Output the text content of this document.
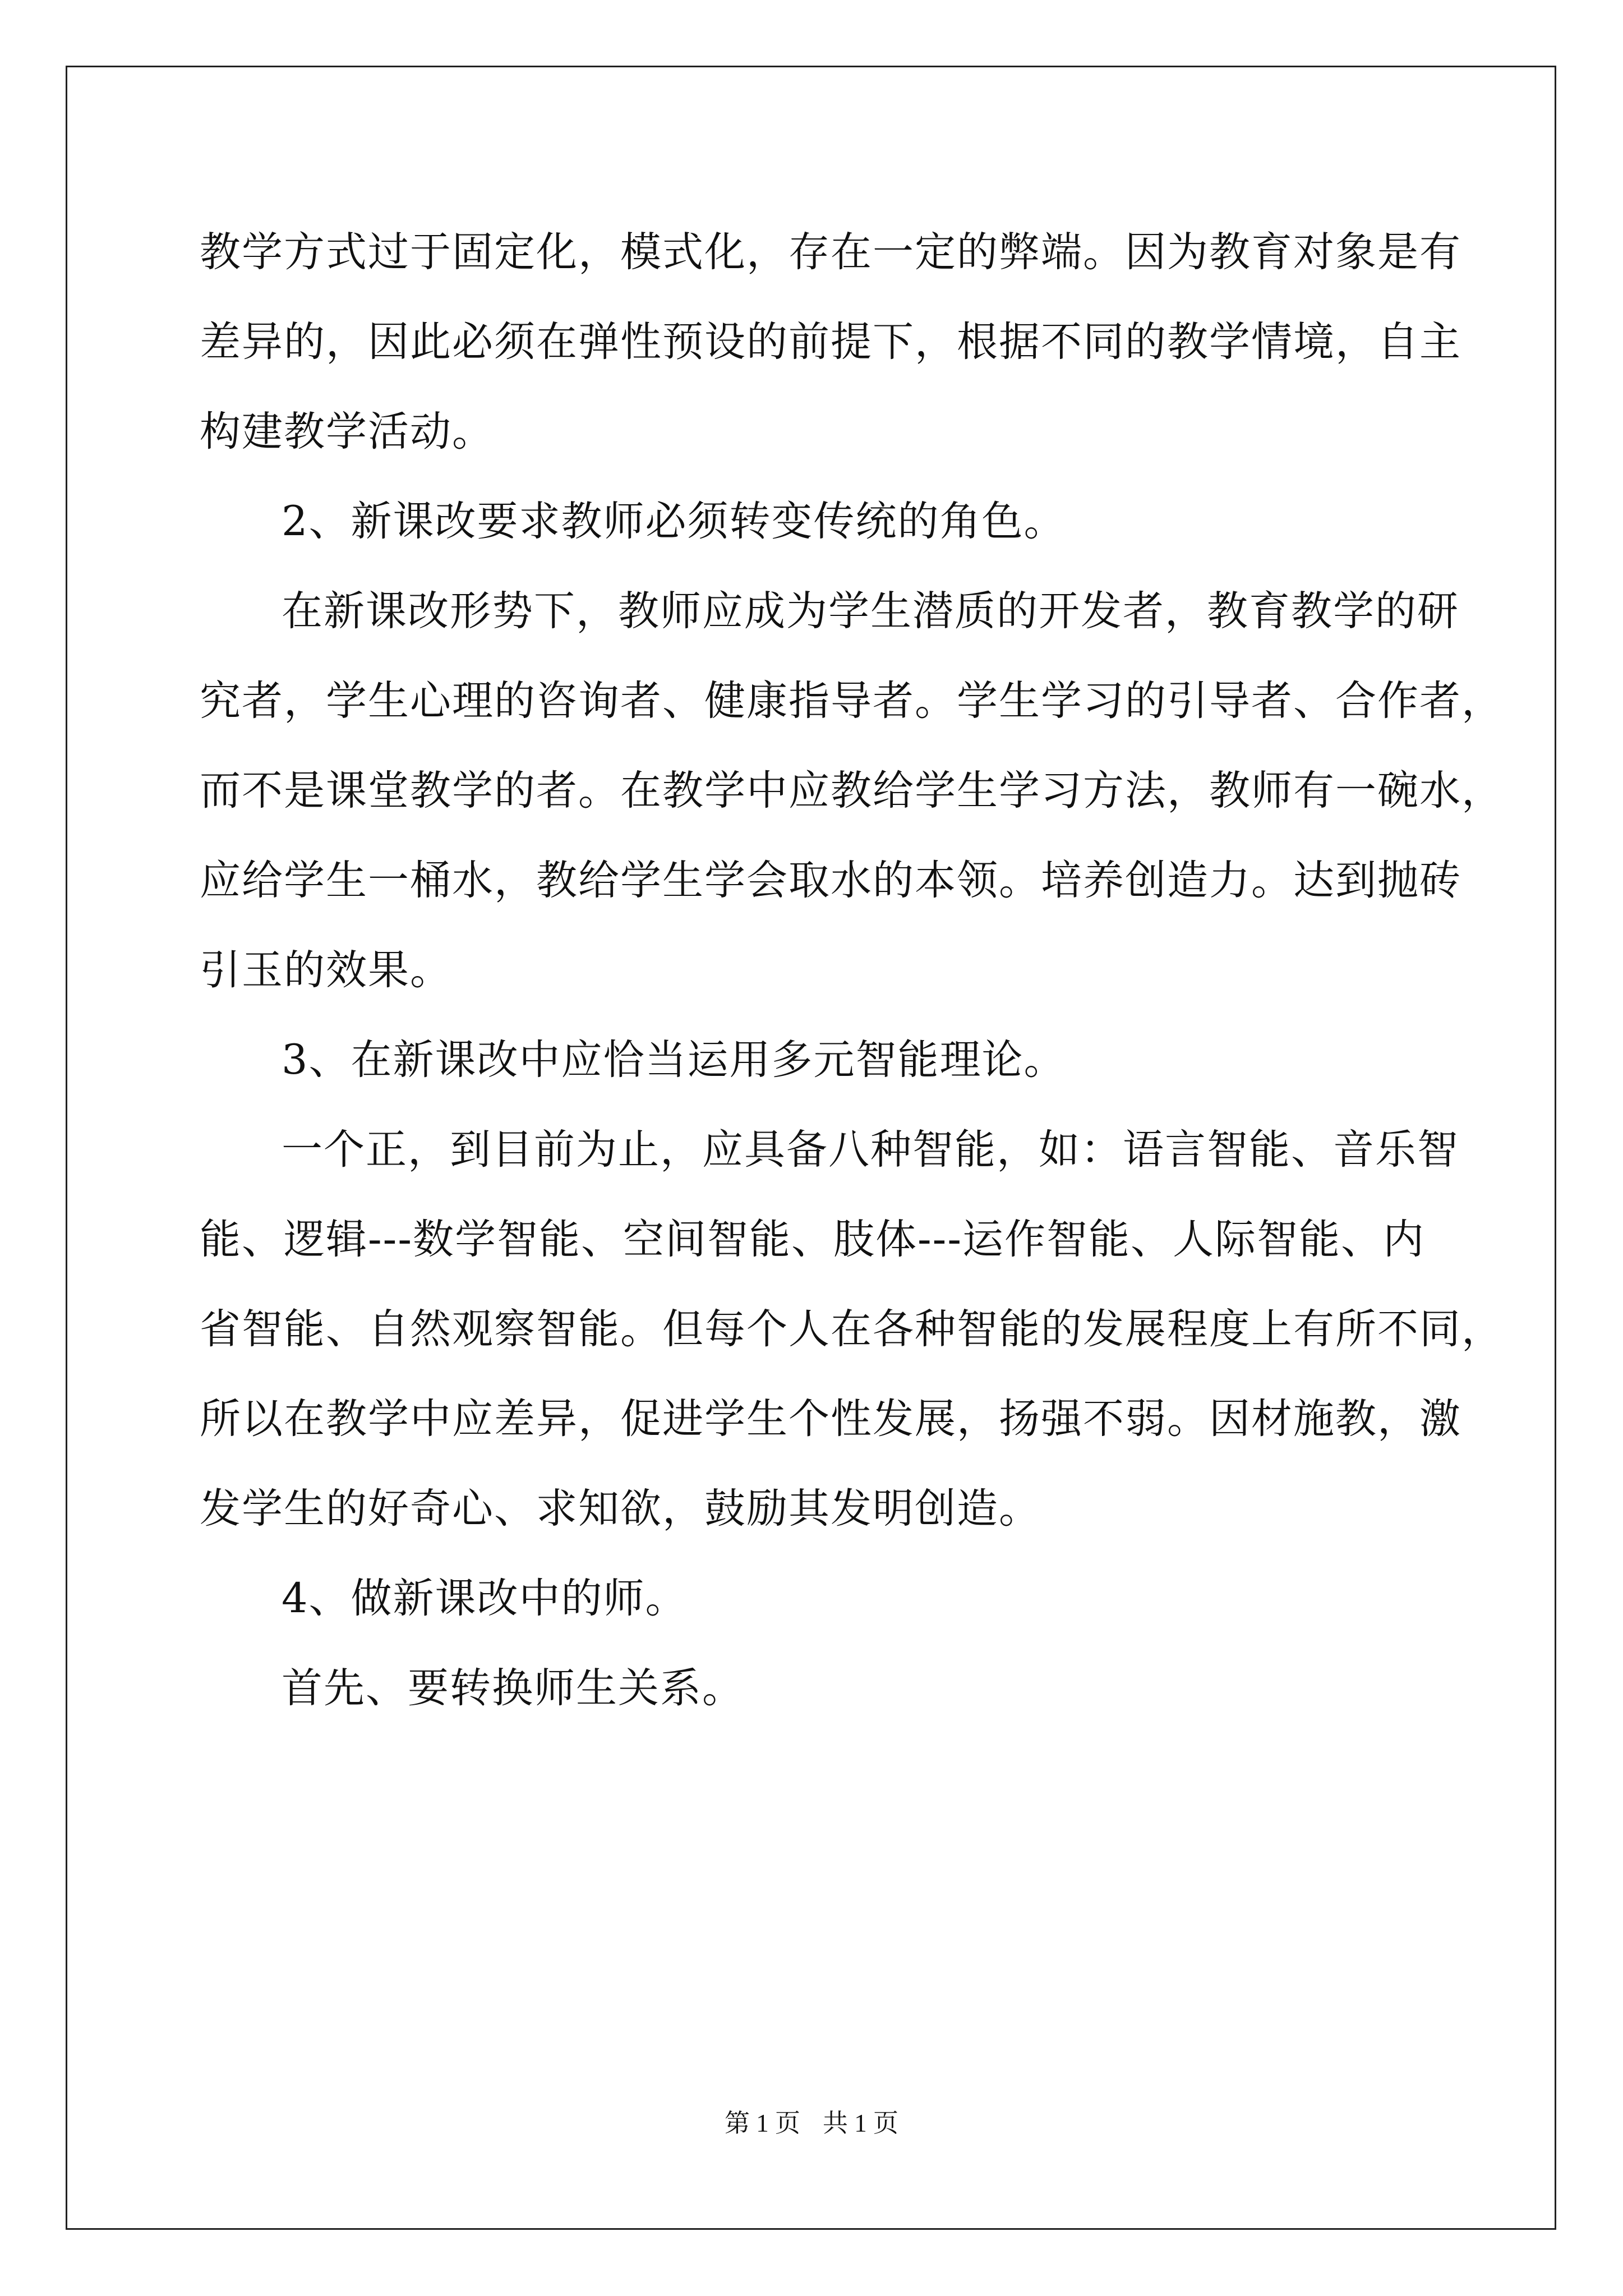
教学方式过于固定化，模式化，存在一定的弊端。因为教育对象是有
差异的，因此必须在弹性预设的前提下，根据不同的教学情境，自主
构建教学活动。
2、新课改要求教师必须转变传统的角色。
在新课改形势下，教师应成为学生潜质的开发者，教育教学的研
究者，学生心理的咨询者、健康指导者。学生学习的引导者、合作者，
而不是课堂教学的者。在教学中应教给学生学习方法，教师有一碗水，
应给学生一桶水，教给学生学会取水的本领。培养创造力。达到抛砖
引玉的效果。
3、在新课改中应恰当运用多元智能理论。
一个正，到目前为止，应具备八种智能，如：语言智能、音乐智
能、逻辑---数学智能、空间智能、肢体---运作智能、人际智能、内
省智能、自然观察智能。但每个人在各种智能的发展程度上有所不同，
所以在教学中应差异，促进学生个性发展，扬强不弱。因材施教，激
发学生的好奇心、求知欲，鼓励其发明创造。
4、做新课改中的师。
首先、要转换师生关系。
第 1 页 共 1 页
